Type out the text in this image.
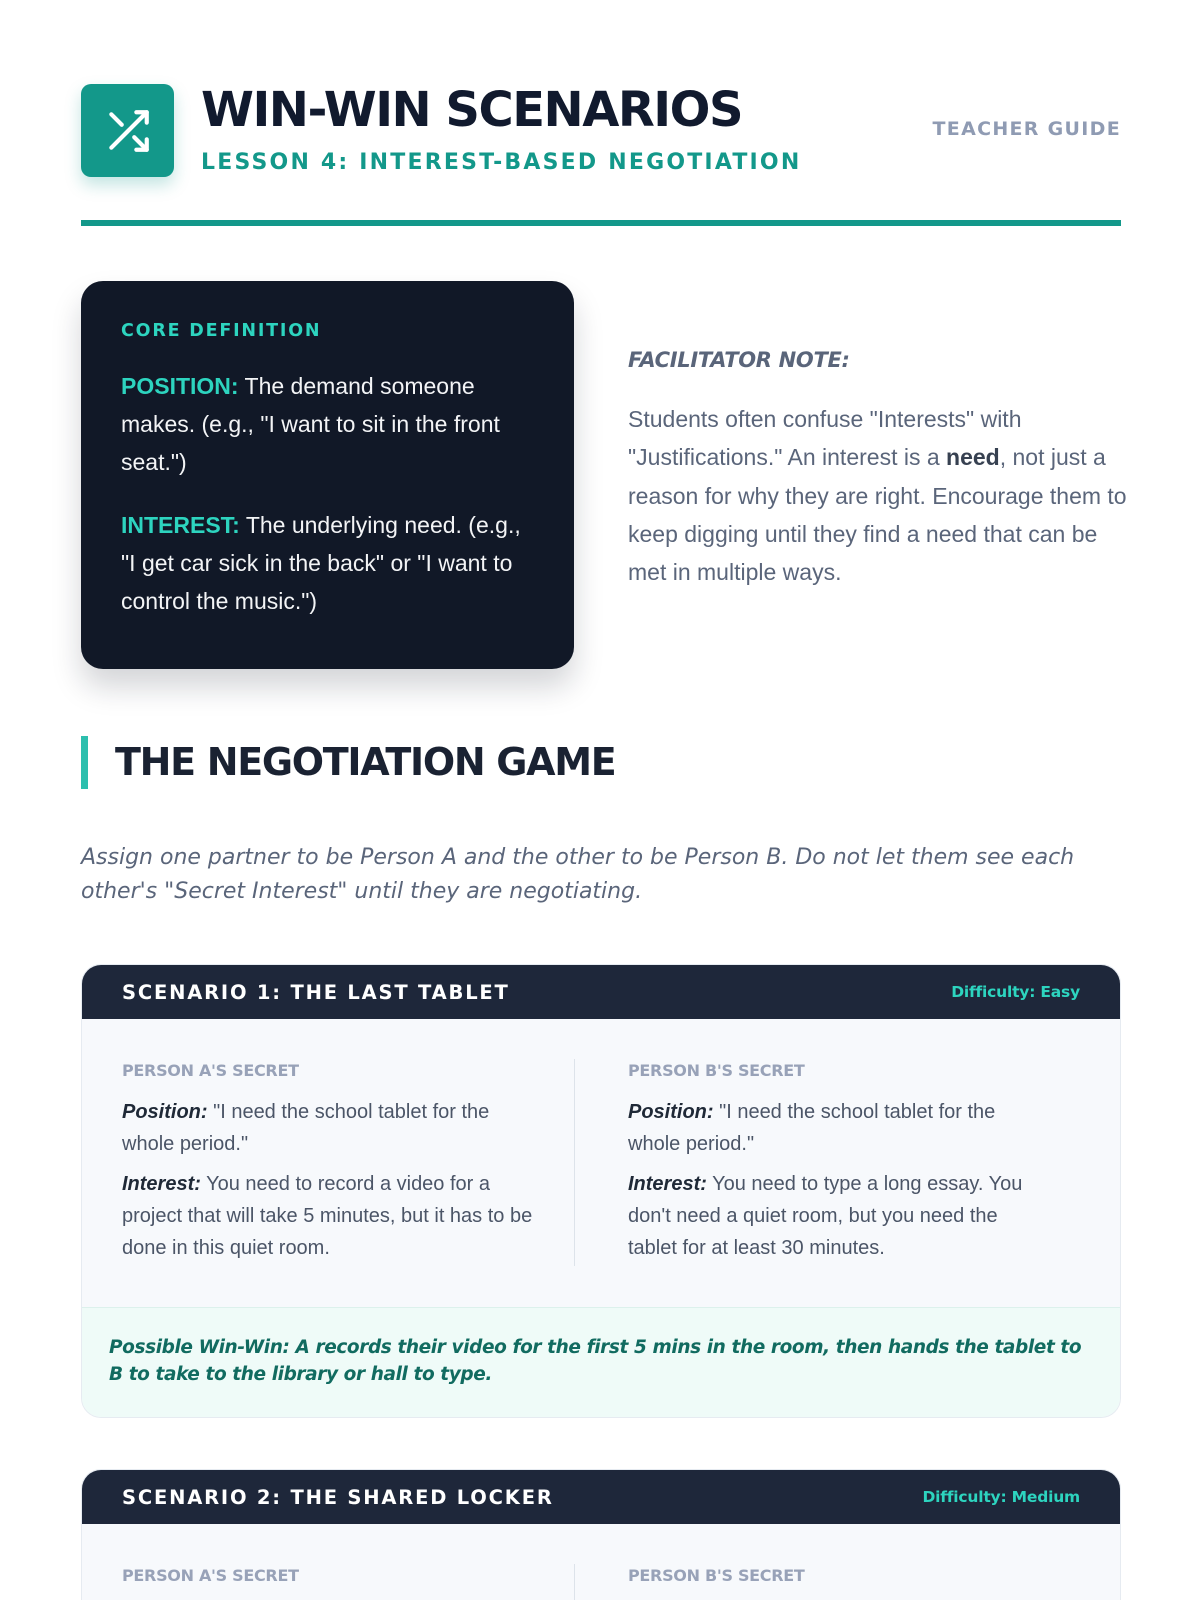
WIN-WIN SCENARIOS
LESSON 4: INTEREST-BASED NEGOTIATION
TEACHER GUIDE
CORE DEFINITION

POSITION: The demand someone makes. (e.g., "I want to sit in the front seat.")

INTEREST: The underlying need. (e.g., "I get car sick in the back" or "I want to control the music.")

FACILITATOR NOTE:

Students often confuse "Interests" with "Justifications." An interest is a need, not just a reason for why they are right. Encourage them to keep digging until they find a need that can be met in multiple ways.

THE NEGOTIATION GAME

Assign one partner to be Person A and the other to be Person B. Do not let them see each other's "Secret Interest" until they are negotiating.

SCENARIO 1: THE LAST TABLET	Difficulty: Easy
PERSON A'S SECRET

Position: "I need the school tablet for the whole period."

Interest: You need to record a video for a project that will take 5 minutes, but it has to be done in this quiet room.

PERSON B'S SECRET

Position: "I need the school tablet for the whole period."

Interest: You need to type a long essay. You don't need a quiet room, but you need the tablet for at least 30 minutes.

Possible Win-Win: A records their video for the first 5 mins in the room, then hands the tablet to B to take to the library or hall to type.
SCENARIO 2: THE SHARED LOCKER	Difficulty: Medium
PERSON A'S SECRET	PERSON B'S SECRET
